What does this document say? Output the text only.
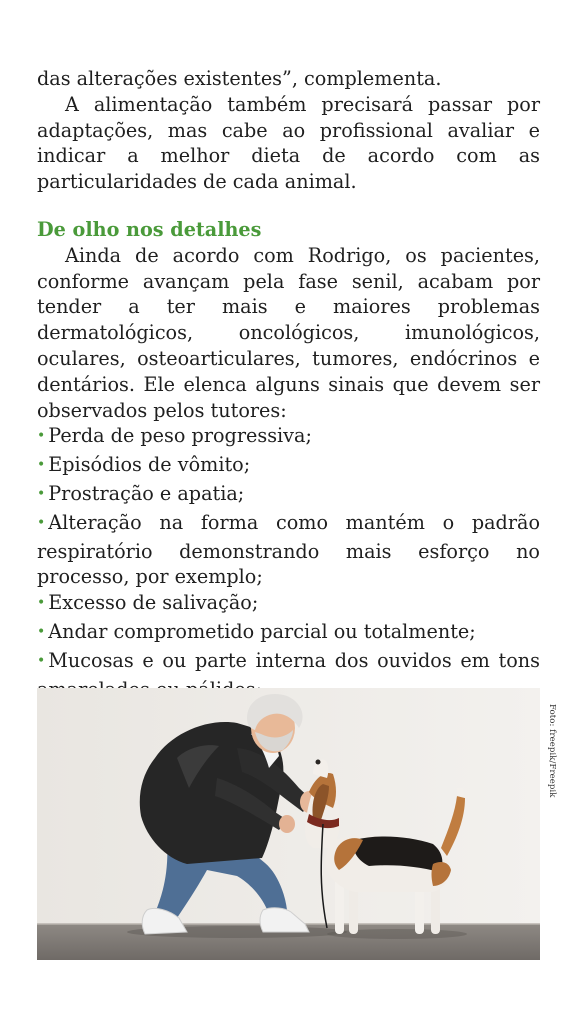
das alterações existentes”, complementa.

A alimentação também precisará passar por adaptações, mas cabe ao profissional avaliar e indicar a melhor dieta de acordo com as particularidades de cada animal.

De olho nos detalhes

Ainda de acordo com Rodrigo, os pacientes, conforme avançam pela fase senil, acabam por tender a ter mais e maiores problemas dermatológicos, oncológicos, imunológicos, oculares, osteoarticulares, tumores, endócrinos e dentários. Ele elenca alguns sinais que devem ser observados pelos tutores:

• Perda de peso progressiva;
• Episódios de vômito;
• Prostração e apatia;
• Alteração na forma como mantém o padrão respiratório demonstrando mais esforço no processo, por exemplo;
• Excesso de salivação;
• Andar comprometido parcial ou totalmente;
• Mucosas e ou parte interna dos ouvidos em tons
Foto: freepik/Freepik
